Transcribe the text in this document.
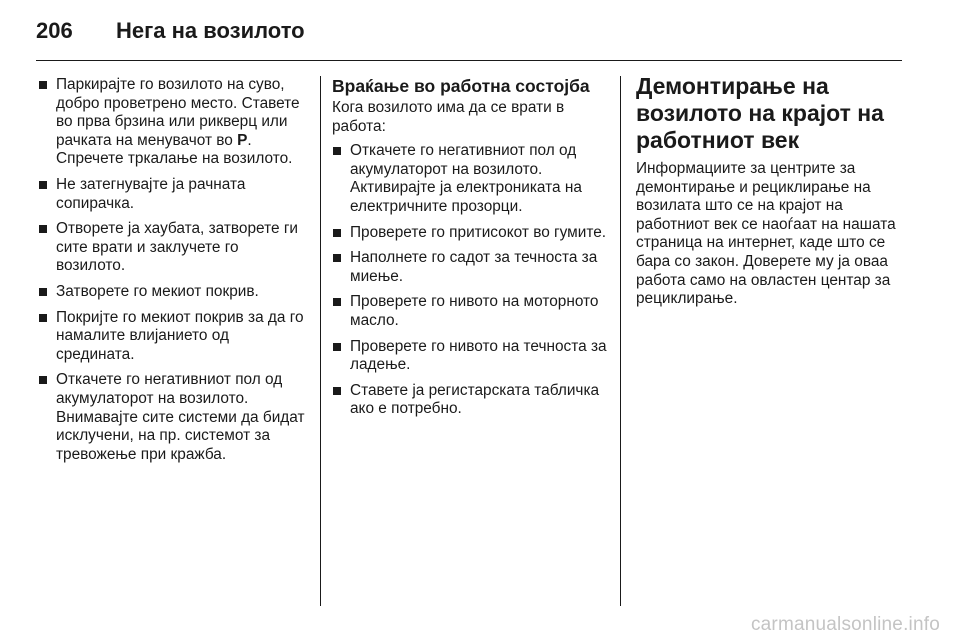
206	Нега на возилото
Паркирајте го возилото на суво, добро проветрено место. Ставете во прва брзина или рикверц или рачката на менувачот во P. Спречете тркалање на возилото.
Не затегнувајте ја рачната сопирачка.
Отворете ја хаубата, затворете ги сите врати и заклучете го возилото.
Затворете го мекиот покрив.
Покријте го мекиот покрив за да го намалите влијанието од средината.
Откачете го негативниот пол од акумулаторот на возилото. Внимавајте сите системи да бидат исклучени, на пр. системот за тревожење при кражба.
Враќање во работна состојба
Кога возилото има да се врати в работа:
Откачете го негативниот пол од акумулаторот на возилото. Активирајте ја електрониката на електричните прозорци.
Проверете го притисокот во гумите.
Наполнете го садот за течноста за миење.
Проверете го нивото на моторното масло.
Проверете го нивото на течноста за ладење.
Ставете ја регистарската табличка ако е потребно.
Демонтирање на возилото на крајот на работниот век
Информациите за центрите за демонтирање и рециклирање на возилата што се на крајот на работниот век се наоѓаат на нашата страница на интернет, каде што се бара со закон. Доверете му ја оваа работа само на овластен центар за рециклирање.
carmanualsonline.info
